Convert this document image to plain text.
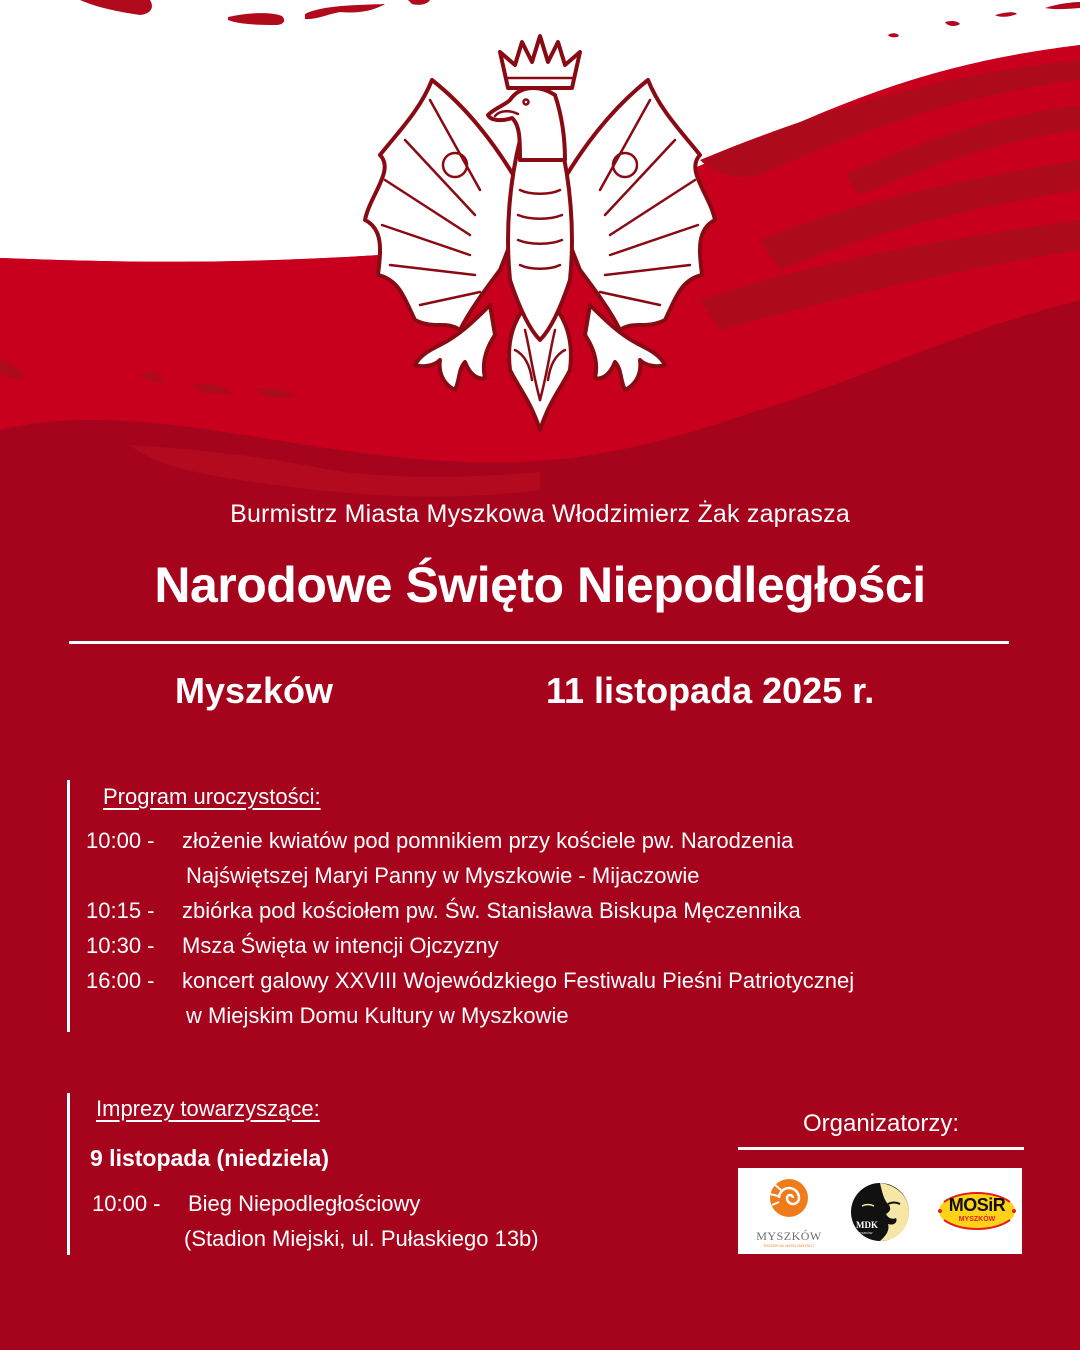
Burmistrz Miasta Myszkowa Włodzimierz Żak zaprasza
Narodowe Święto Niepodległości
Myszków	11 listopada 2025 r.
Program uroczystości:
10:00 - złożenie kwiatów pod pomnikiem przy kościele pw. Narodzenia
Najświętszej Maryi Panny w Myszkowie - Mijaczowie
10:15 - zbiórka pod kościołem pw. Św. Stanisława Biskupa Męczennika
10:30 - Msza Święta w intencji Ojczyzny
16:00 - koncert galowy XXVIII Wojewódzkiego Festiwalu Pieśni Patriotycznej
w Miejskim Domu Kultury w Myszkowie
Imprezy towarzyszące:
9 listopada (niedziela)
10:00 - Bieg Niepodległościowy
(Stadion Miejski, ul. Pułaskiego 13b)
Organizatorzy:
MYSZKÓW
ROZWIJA MOŻLIWOŚCI
MDK
MYSZKÓW
MOSiR
MYSZKÓW
